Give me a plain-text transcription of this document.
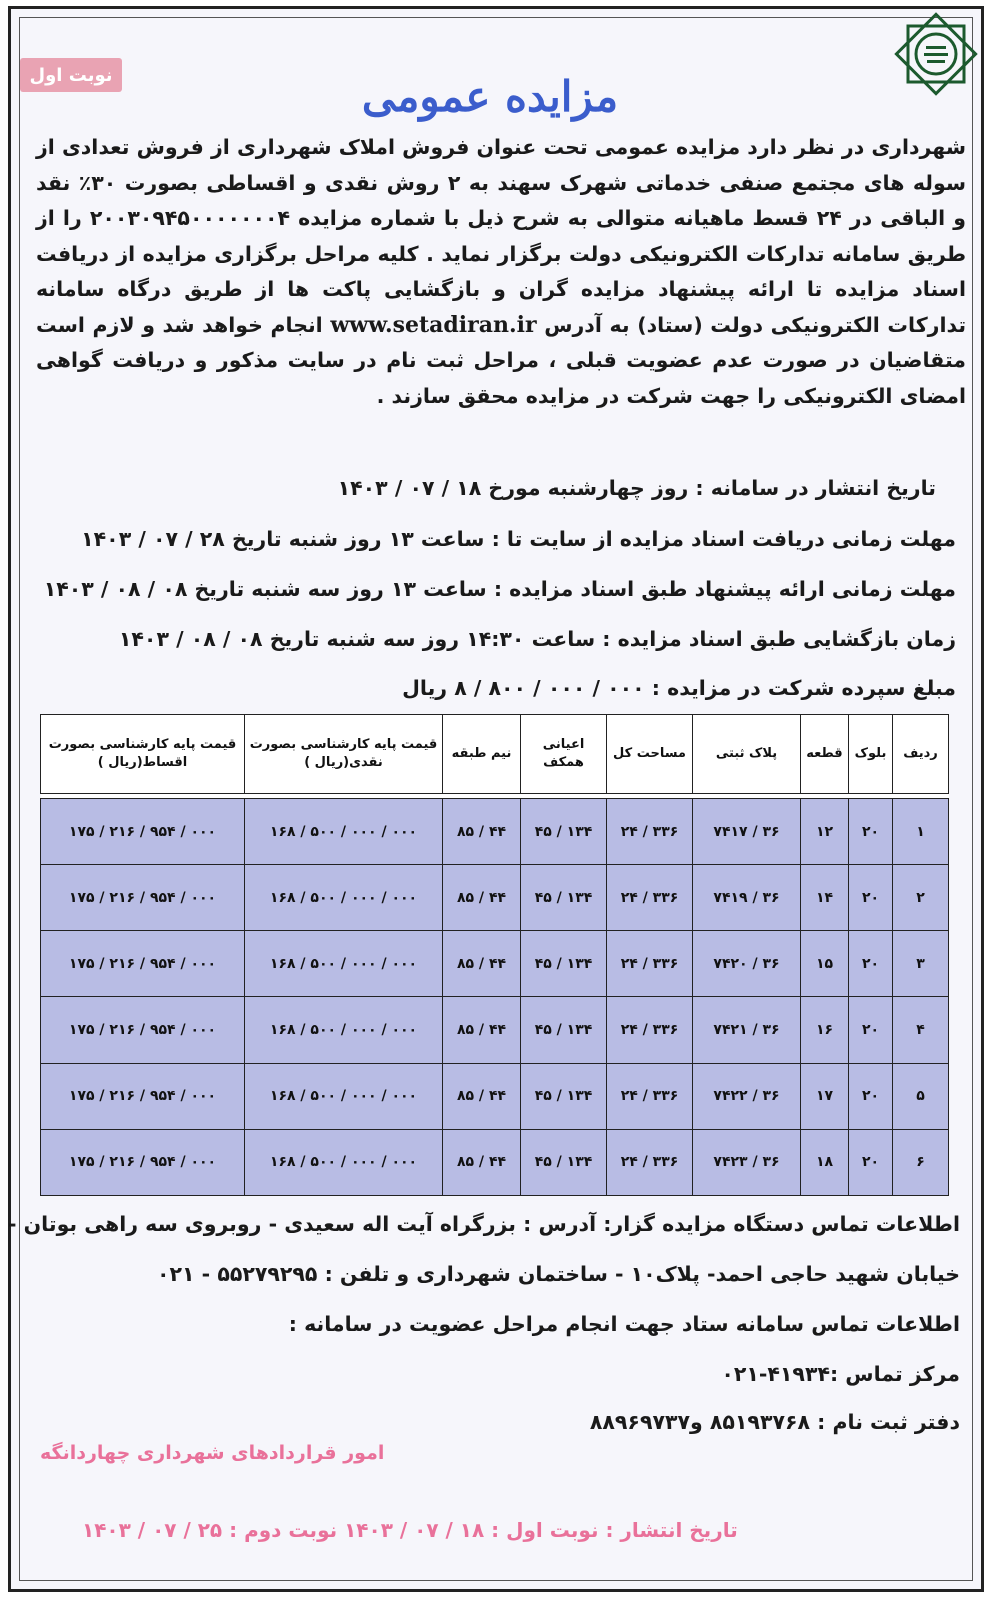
نوبت اول	مزایده عمومی
شهرداری در نظر دارد مزایده عمومی تحت عنوان فروش املاک شهرداری از فروش تعدادی از سوله های مجتمع صنفی خدماتی شهرک سهند به ۲ روش نقدی و اقساطی بصورت ۳۰٪ نقد و الباقی در ۲۴ قسط ماهیانه متوالی به شرح ذیل با شماره مزایده ۲۰۰۳۰۹۴۵۰۰۰۰۰۰۰۴ را از طریق سامانه تدارکات الکترونیکی دولت برگزار نماید . کلیه مراحل برگزاری مزایده از دریافت اسناد مزایده تا ارائه پیشنهاد مزایده گران و بازگشایی پاکت ها از طریق درگاه سامانه تدارکات الکترونیکی دولت (ستاد) به آدرس www.setadiran.ir انجام خواهد شد و لازم است متقاضیان در صورت عدم عضویت قبلی ، مراحل ثبت نام در سایت مذکور و دریافت گواهی امضای الکترونیکی را جهت شرکت در مزایده محقق سازند .
تاریخ انتشار در سامانه : روز چهارشنبه مورخ ۱۸ / ۰۷ / ۱۴۰۳
مهلت زمانی دریافت اسناد مزایده از سایت تا : ساعت ۱۳ روز شنبه تاریخ ۲۸ / ۰۷ / ۱۴۰۳
مهلت زمانی ارائه پیشنهاد طبق اسناد مزایده : ساعت ۱۳ روز سه شنبه تاریخ ۰۸ / ۰۸ / ۱۴۰۳
زمان بازگشایی طبق اسناد مزایده : ساعت ۱۴:۳۰ روز سه شنبه تاریخ ۰۸ / ۰۸ / ۱۴۰۳
مبلغ سپرده شرکت در مزایده : ۰۰۰ / ۰۰۰ / ۸۰۰ / ۸ ریال
ردیف	بلوک	قطعه	پلاک ثبتی	مساحت کل	اعیانی همکف	نیم طبقه	قیمت پایه کارشناسی بصورت نقدی(ریال )	قیمت پایه کارشناسی بصورت اقساط(ریال )

۱	۲۰	۱۲	۳۶ / ۷۴۱۷	۳۳۶ / ۲۴	۱۳۴ / ۴۵	۴۴ / ۸۵	۰۰۰ / ۰۰۰ / ۵۰۰ / ۱۶۸	۰۰۰ / ۹۵۴ / ۲۱۶ / ۱۷۵
۲	۲۰	۱۴	۳۶ / ۷۴۱۹	۳۳۶ / ۲۴	۱۳۴ / ۴۵	۴۴ / ۸۵	۰۰۰ / ۰۰۰ / ۵۰۰ / ۱۶۸	۰۰۰ / ۹۵۴ / ۲۱۶ / ۱۷۵
۳	۲۰	۱۵	۳۶ / ۷۴۲۰	۳۳۶ / ۲۴	۱۳۴ / ۴۵	۴۴ / ۸۵	۰۰۰ / ۰۰۰ / ۵۰۰ / ۱۶۸	۰۰۰ / ۹۵۴ / ۲۱۶ / ۱۷۵
۴	۲۰	۱۶	۳۶ / ۷۴۲۱	۳۳۶ / ۲۴	۱۳۴ / ۴۵	۴۴ / ۸۵	۰۰۰ / ۰۰۰ / ۵۰۰ / ۱۶۸	۰۰۰ / ۹۵۴ / ۲۱۶ / ۱۷۵
۵	۲۰	۱۷	۳۶ / ۷۴۲۲	۳۳۶ / ۲۴	۱۳۴ / ۴۵	۴۴ / ۸۵	۰۰۰ / ۰۰۰ / ۵۰۰ / ۱۶۸	۰۰۰ / ۹۵۴ / ۲۱۶ / ۱۷۵
۶	۲۰	۱۸	۳۶ / ۷۴۲۳	۳۳۶ / ۲۴	۱۳۴ / ۴۵	۴۴ / ۸۵	۰۰۰ / ۰۰۰ / ۵۰۰ / ۱۶۸	۰۰۰ / ۹۵۴ / ۲۱۶ / ۱۷۵
اطلاعات تماس دستگاه مزایده گزار: آدرس : بزرگراه آیت اله سعیدی - روبروی سه راهی بوتان -
خیابان شهید حاجی احمد- پلاک۱۰ - ساختمان شهرداری و تلفن : ۵۵۲۷۹۲۹۵ - ۰۲۱
اطلاعات تماس سامانه ستاد جهت انجام مراحل عضویت در سامانه :
مرکز تماس :۴۱۹۳۴-۰۲۱
دفتر ثبت نام : ۸۵۱۹۳۷۶۸ و۸۸۹۶۹۷۳۷
امور قراردادهای شهرداری چهاردانگه
تاریخ انتشار : نوبت اول : ۱۸ / ۰۷ / ۱۴۰۳ نوبت دوم : ۲۵ / ۰۷ / ۱۴۰۳
